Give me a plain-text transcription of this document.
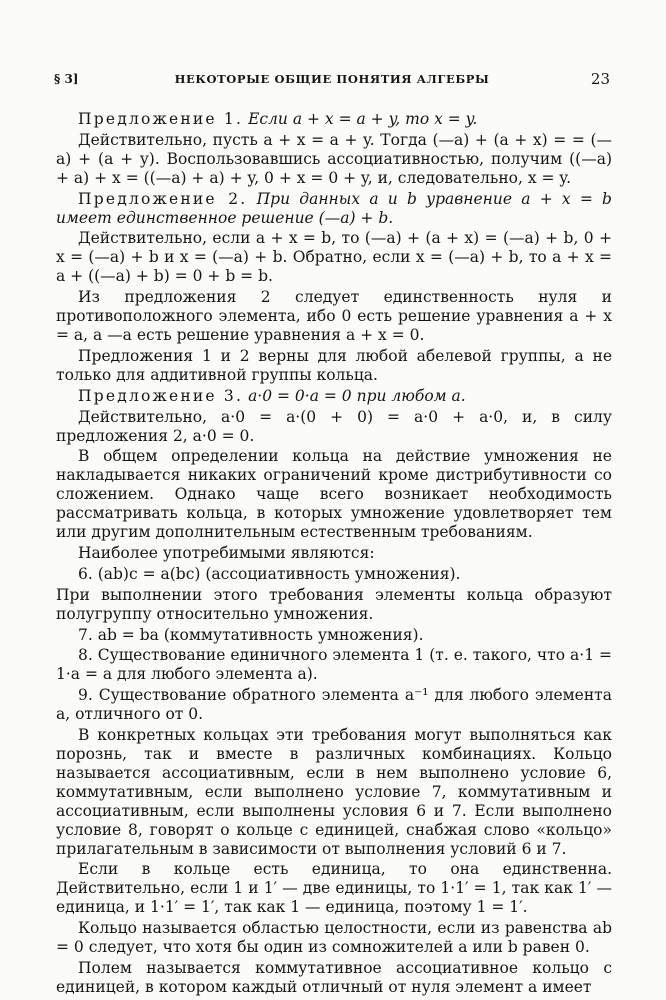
§ 3]	НЕКОТОРЫЕ ОБЩИЕ ПОНЯТИЯ АЛГЕБРЫ	23

Предложение 1. Если a + x = a + y, то x = y.

Действительно, пусть a + x = a + y. Тогда (—a) + (a + x) = = (—a) + (a + y). Воспользовавшись ассоциативностью, получим ((—a) + a) + x = ((—a) + a) + y, 0 + x = 0 + y, и, следовательно, x = y.

Предложение 2. При данных a и b уравнение a + x = b имеет единственное решение (—a) + b.

Действительно, если a + x = b, то (—a) + (a + x) = (—a) + b, 0 + x = (—a) + b и x = (—a) + b. Обратно, если x = (—a) + b, то a + x = a + ((—a) + b) = 0 + b = b.

Из предложения 2 следует единственность нуля и противоположного элемента, ибо 0 есть решение уравнения a + x = a, а —a есть решение уравнения a + x = 0.

Предложения 1 и 2 верны для любой абелевой группы, а не только для аддитивной группы кольца.

Предложение 3. a·0 = 0·a = 0 при любом a.

Действительно, a·0 = a·(0 + 0) = a·0 + a·0, и, в силу предложения 2, a·0 = 0.

В общем определении кольца на действие умножения не накладывается никаких ограничений кроме дистрибутивности со сложением. Однако чаще всего возникает необходимость рассматривать кольца, в которых умножение удовлетворяет тем или другим дополнительным естественным требованиям.

Наиболее употребимыми являются:

6. (ab)c = a(bc) (ассоциативность умножения).

При выполнении этого требования элементы кольца образуют полугруппу относительно умножения.

7. ab = ba (коммутативность умножения).

8. Существование единичного элемента 1 (т. е. такого, что a·1 = 1·a = a для любого элемента a).

9. Существование обратного элемента a⁻¹ для любого элемента a, отличного от 0.

В конкретных кольцах эти требования могут выполняться как порознь, так и вместе в различных комбинациях. Кольцо называется ассоциативным, если в нем выполнено условие 6, коммутативным, если выполнено условие 7, коммутативным и ассоциативным, если выполнены условия 6 и 7. Если выполнено условие 8, говорят о кольце с единицей, снабжая слово «кольцо» прилагательным в зависимости от выполнения условий 6 и 7.

Если в кольце есть единица, то она единственна. Действительно, если 1 и 1′ — две единицы, то 1·1′ = 1, так как 1′ — единица, и 1·1′ = 1′, так как 1 — единица, поэтому 1 = 1′.

Кольцо называется областью целостности, если из равенства ab = 0 следует, что хотя бы один из сомножителей a или b равен 0.

Полем называется коммутативное ассоциативное кольцо с единицей, в котором каждый отличный от нуля элемент a имеет
